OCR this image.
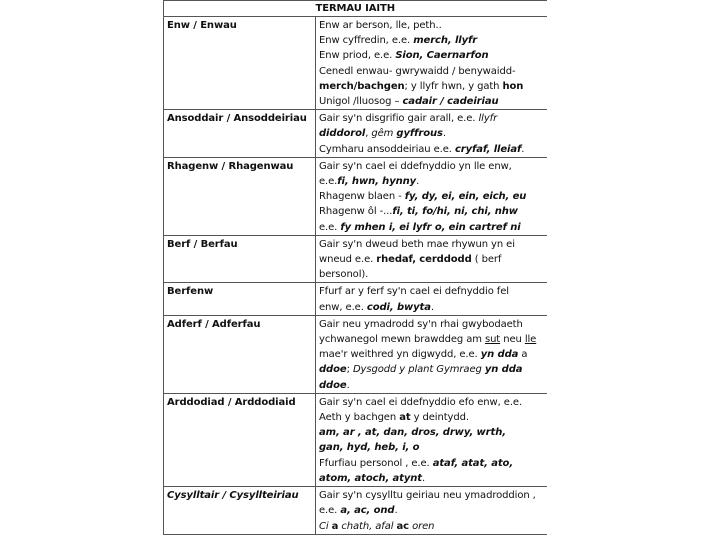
TERMAU IAITH	
Enw / Enwau	Enw ar berson, lle, peth..
Enw cyffredin, e.e. merch, llyfr
Enw priod, e.e. Sion, Caernarfon
Cenedl enwau- gwrywaidd / benywaidd-
merch/bachgen; y llyfr hwn, y gath hon
Unigol /lluosog – cadair / cadeiriau

Ansoddair / Ansoddeiriau	Gair sy'n disgrifio gair arall, e.e. llyfr
diddorol, gêm gyffrous.
Cymharu ansoddeiriau e.e. cryfaf, lleiaf.

Rhagenw / Rhagenwau	Gair sy'n cael ei ddefnyddio yn lle enw,
e.e.fi, hwn, hynny.
Rhagenw blaen - fy, dy, ei, ein, eich, eu
Rhagenw ôl -...fi, ti, fo/hi, ni, chi, nhw
e.e. fy mhen i, ei lyfr o, ein cartref ni

Berf / Berfau	Gair sy'n dweud beth mae rhywun yn ei
wneud e.e. rhedaf, cerddodd ( berf
bersonol).

Berfenw	Ffurf ar y ferf sy'n cael ei defnyddio fel
enw, e.e. codi, bwyta.

Adferf / Adferfau	Gair neu ymadrodd sy'n rhai gwybodaeth
ychwanegol mewn brawddeg am sut neu lle
mae'r weithred yn digwydd, e.e. yn dda a
ddoe; Dysgodd y plant Gymraeg yn dda
ddoe.

Arddodiad / Arddodiaid	Gair sy'n cael ei ddefnyddio efo enw, e.e.
Aeth y bachgen at y deintydd.
am, ar , at, dan, dros, drwy, wrth,
gan, hyd, heb, i, o
Ffurfiau personol , e.e. ataf, atat, ato,
atom, atoch, atynt.

Cysylltair / Cysyllteiriau	Gair sy'n cysylltu geiriau neu ymadroddion ,
e.e. a, ac, ond.
Ci a chath, afal ac oren
